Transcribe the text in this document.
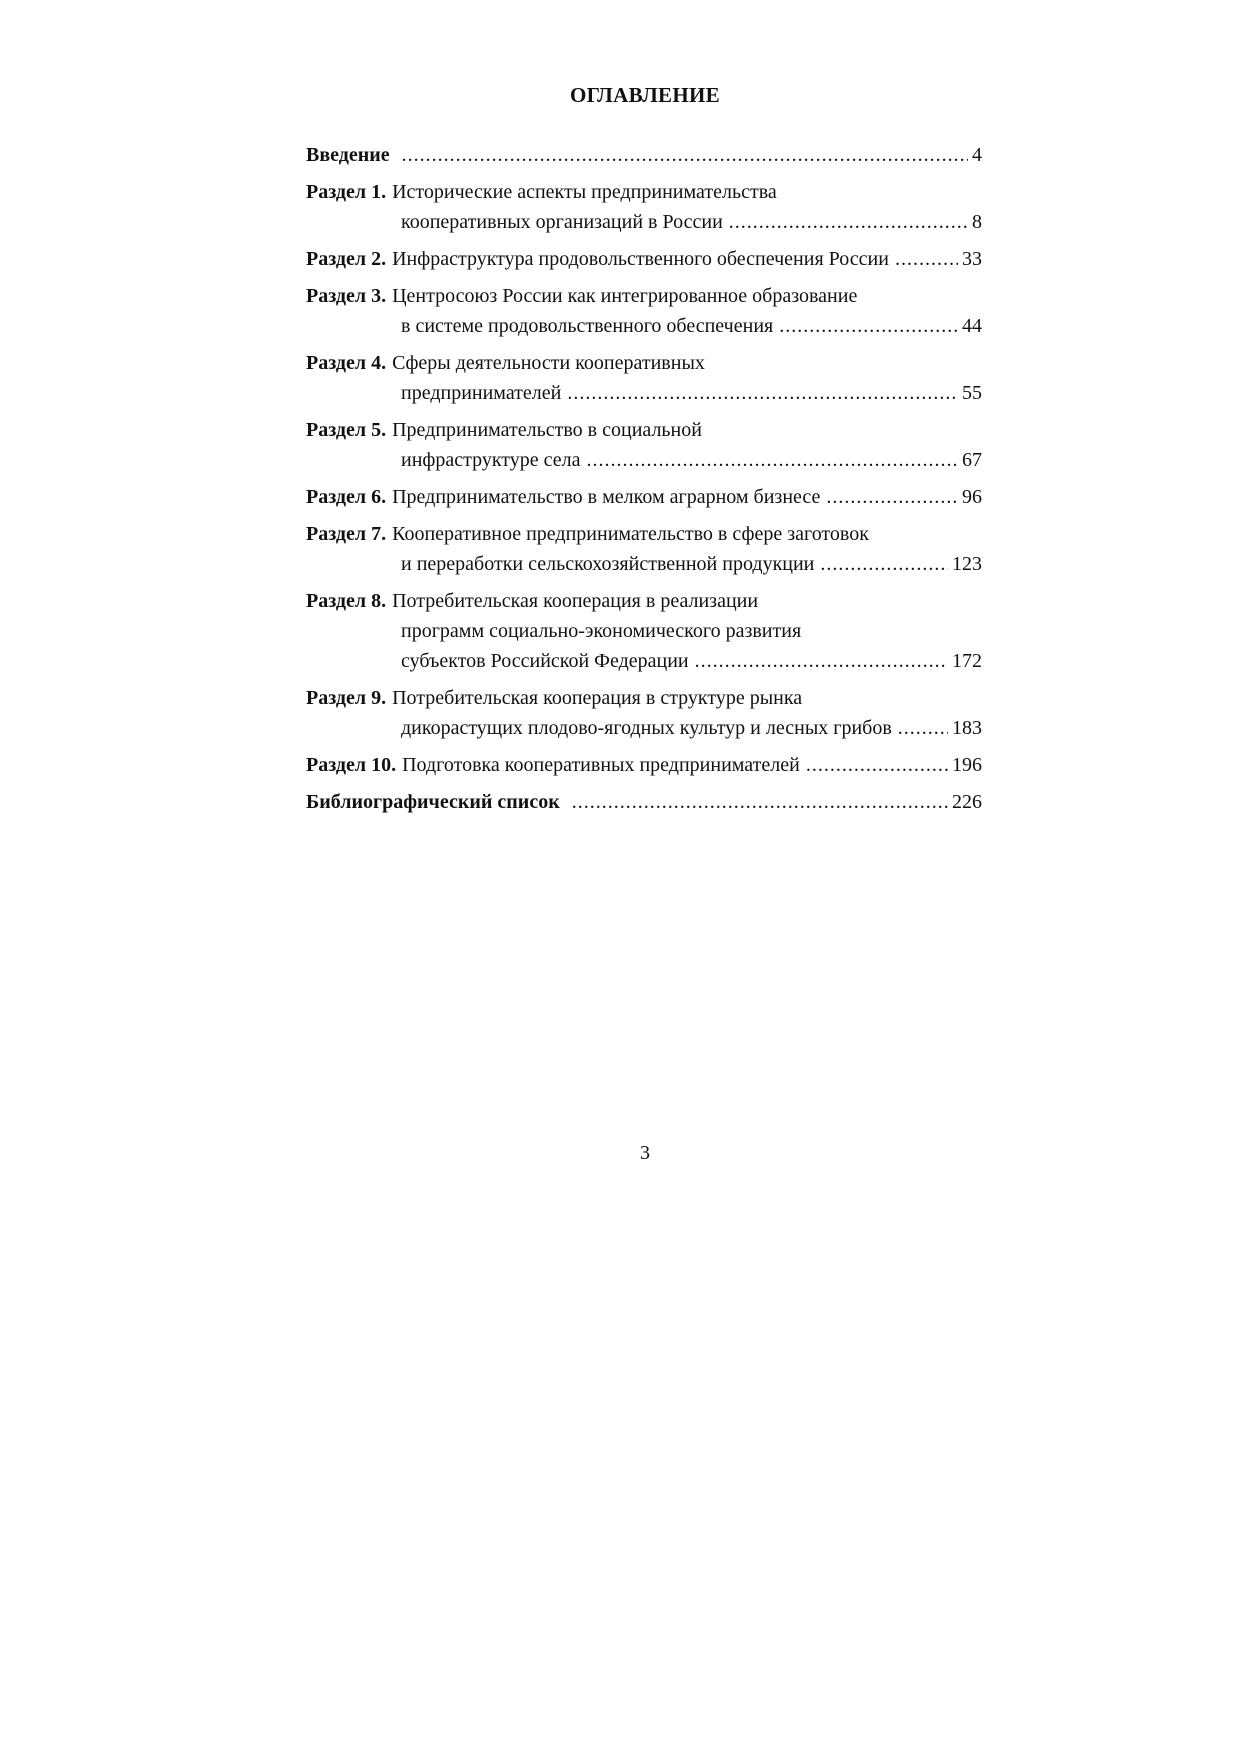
ОГЛАВЛЕНИЕ
Введение .....	4
Раздел 1. Исторические аспекты предпринимательства
кооперативных организаций в России .....	8
Раздел 2. Инфраструктура продовольственного обеспечения России .....	33
Раздел 3. Центросоюз России как интегрированное образование
в системе продовольственного обеспечения .....	44
Раздел 4. Сферы деятельности кооперативных
предпринимателей .....	55
Раздел 5. Предпринимательство в социальной
инфраструктуре села .....	67
Раздел 6. Предпринимательство в мелком аграрном бизнесе .....	96
Раздел 7. Кооперативное предпринимательство в сфере заготовок
и переработки сельскохозяйственной продукции .....	123
Раздел 8. Потребительская кооперация в реализации
программ социально-экономического развития
субъектов Российской Федерации .....	172
Раздел 9. Потребительская кооперация в структуре рынка
дикорастущих плодово-ягодных культур и лесных грибов .....	183
Раздел 10. Подготовка кооперативных предпринимателей .....	196
Библиографический список .....	226
3
